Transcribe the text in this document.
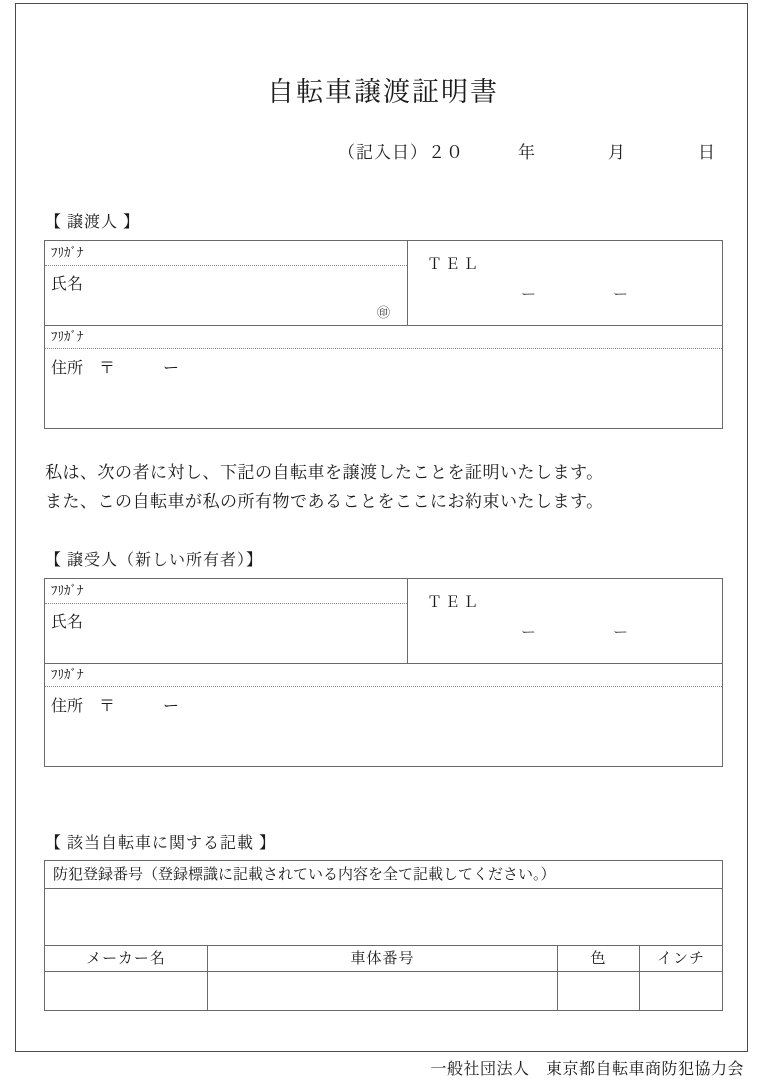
自転車譲渡証明書
（記入日）２０　　　年　　　　月　　　　日
【 譲渡人 】
ﾌﾘｶﾞﾅ
氏名
㊞
ＴＥＬ
ー	ー
ﾌﾘｶﾞﾅ
住所　〒　　　ー
私は、次の者に対し、下記の自転車を譲渡したことを証明いたします。
また、この自転車が私の所有物であることをここにお約束いたします。
【 譲受人（新しい所有者）】
ﾌﾘｶﾞﾅ
氏名
ＴＥＬ
ー	ー
ﾌﾘｶﾞﾅ
住所　〒　　　ー
【 該当自転車に関する記載 】
防犯登録番号（登録標識に記載されている内容を全て記載してください。）
メーカー名	車体番号	色	インチ
一般社団法人　東京都自転車商防犯協力会
